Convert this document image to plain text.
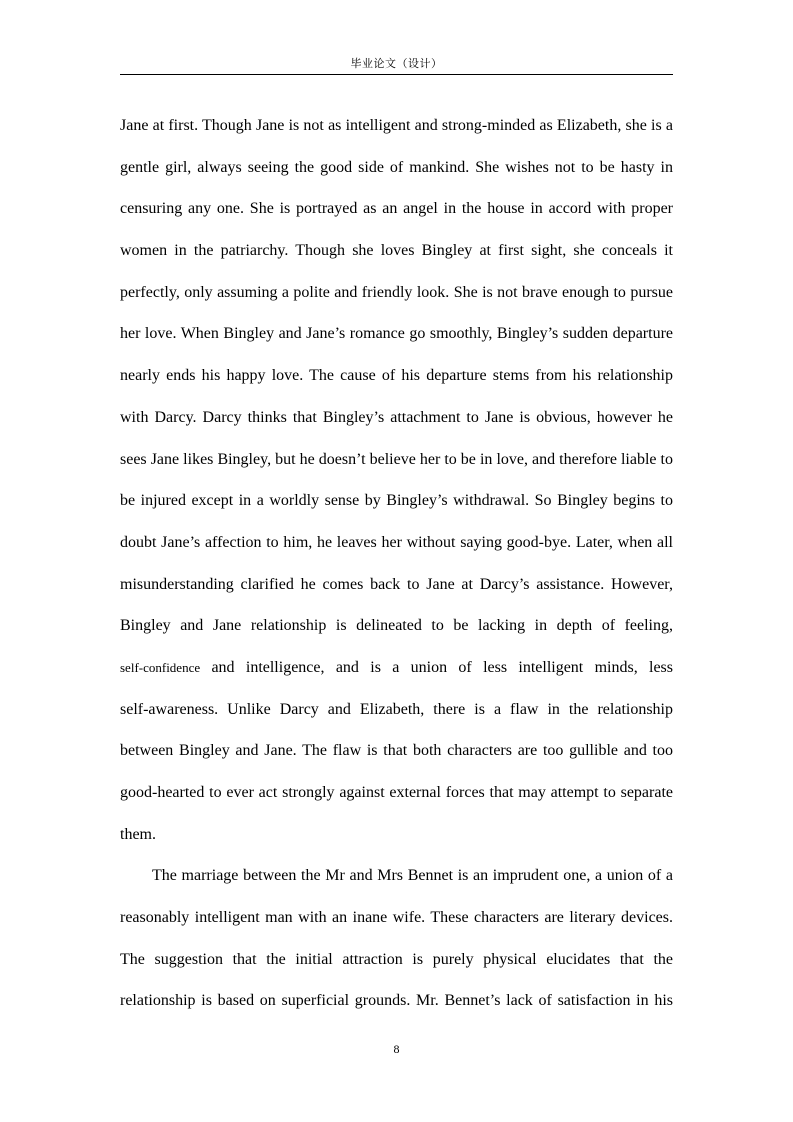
毕业论文（设计）
Jane at first. Though Jane is not as intelligent and strong-minded as Elizabeth, she is a
gentle girl, always seeing the good side of mankind. She wishes not to be hasty in
censuring any one. She is portrayed as an angel in the house in accord with proper
women in the patriarchy. Though she loves Bingley at first sight, she conceals it
perfectly, only assuming a polite and friendly look. She is not brave enough to pursue
her love. When Bingley and Jane’s romance go smoothly, Bingley’s sudden departure
nearly ends his happy love. The cause of his departure stems from his relationship
with Darcy. Darcy thinks that Bingley’s attachment to Jane is obvious, however he
sees Jane likes Bingley, but he doesn’t believe her to be in love, and therefore liable to
be injured except in a worldly sense by Bingley’s withdrawal. So Bingley begins to
doubt Jane’s affection to him, he leaves her without saying good-bye. Later, when all
misunderstanding clarified he comes back to Jane at Darcy’s assistance. However,
Bingley and Jane relationship is delineated to be lacking in depth of feeling,
self-confidence and intelligence, and is a union of less intelligent minds, less
self-awareness. Unlike Darcy and Elizabeth, there is a flaw in the relationship
between Bingley and Jane. The flaw is that both characters are too gullible and too
good-hearted to ever act strongly against external forces that may attempt to separate
them.
The marriage between the Mr and Mrs Bennet is an imprudent one, a union of a
reasonably intelligent man with an inane wife. These characters are literary devices.
The suggestion that the initial attraction is purely physical elucidates that the
relationship is based on superficial grounds. Mr. Bennet’s lack of satisfaction in his
8
